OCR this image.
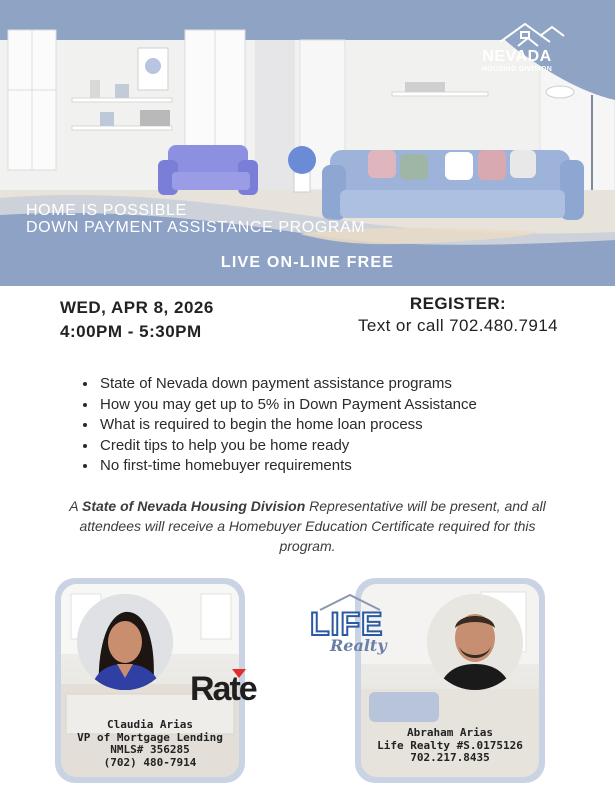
NEVADA
HOUSING DIVISION
HOME IS POSSIBLE
DOWN PAYMENT ASSISTANCE PROGRAM
LIVE ON-LINE FREE
WED, APR 8, 2026
4:00PM - 5:30PM
REGISTER:
Text or call 702.480.7914
• State of Nevada down payment assistance programs
• How you may get up to 5% in Down Payment Assistance
• What is required to begin the home loan process
• Credit tips to help you be home ready
• No first-time homebuyer requirements
A State of Nevada Housing Division Representative will be present, and all attendees will receive a Homebuyer Education Certificate required for this program.
Claudia Arias
VP of Mortgage Lending
NMLS# 356285
(702) 480-7914
Rate
Abraham Arias
Life Realty #S.0175126
702.217.8435
LIFE
Realty
